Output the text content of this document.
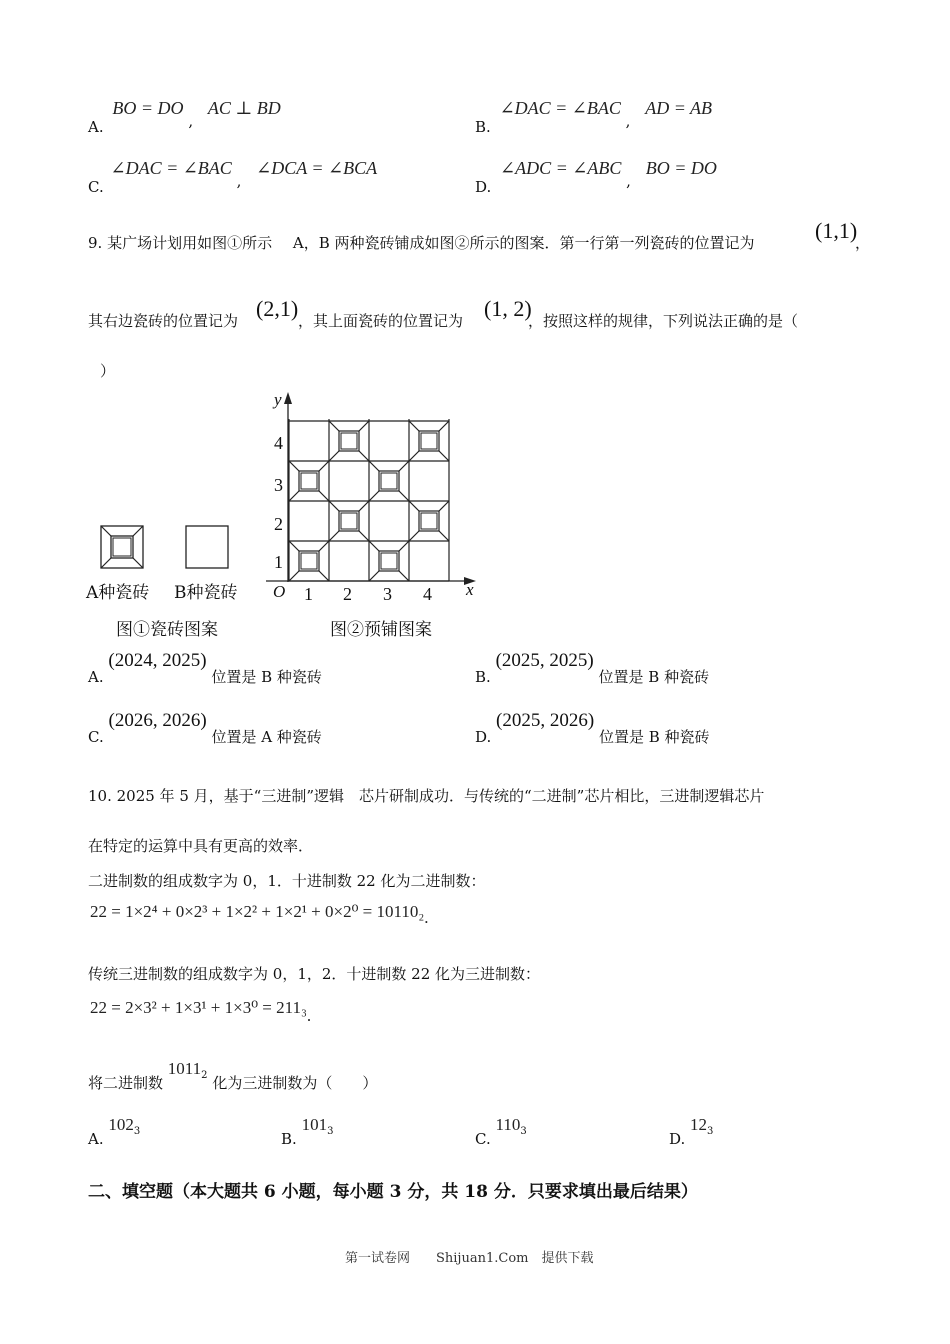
A. BO = DO , AC ⊥ BD
B. ∠DAC = ∠BAC , AD = AB
C. ∠DAC = ∠BAC , ∠DCA = ∠BCA
D. ∠ADC = ∠ABC , BO = DO
9. 某广场计划用如图①所示 A，B 两种瓷砖铺成如图②所示的图案．第一行第一列瓷砖的位置记为	(1,1)
，
其右边瓷砖的位置记为 (2,1) ，其上面瓷砖的位置记为 (1, 2)
，按照这样的规律，下列说法正确的是（
）
A种瓷砖 B种瓷砖
图①瓷砖图案
y
x
O
4
3
2
1
1 2 3 4
图②预铺图案
A. (2024, 2025) 位置是 B 种瓷砖	B. (2025, 2025) 位置是 B 种瓷砖
C. (2026, 2026) 位置是 A 种瓷砖	D. (2025, 2026) 位置是 B 种瓷砖
10. 2025 年 5 月，基于“三进制”逻辑　芯片研制成功．与传统的“二进制”芯片相比，三进制逻辑芯片
在特定的运算中具有更高的效率．
二进制数的组成数字为 0，1．十进制数 22 化为二进制数：
22 = 1×2⁴ + 0×2³ + 1×2² + 1×2¹ + 0×2⁰ = 10110₂.
传统三进制数的组成数字为 0，1，2．十进制数 22 化为三进制数：
22 = 2×3² + 1×3¹ + 1×3⁰ = 211₃.
将二进制数 $1011_2$ 化为三进制数为（　　）
A. $102_3$	B. $101_3$	C. $110_3$	D. $12_3$
二、填空题（本大题共 6 小题，每小题 3 分，共 18 分．只要求填出最后结果）
第一试卷网　　Shijuan1.Com　提供下载
